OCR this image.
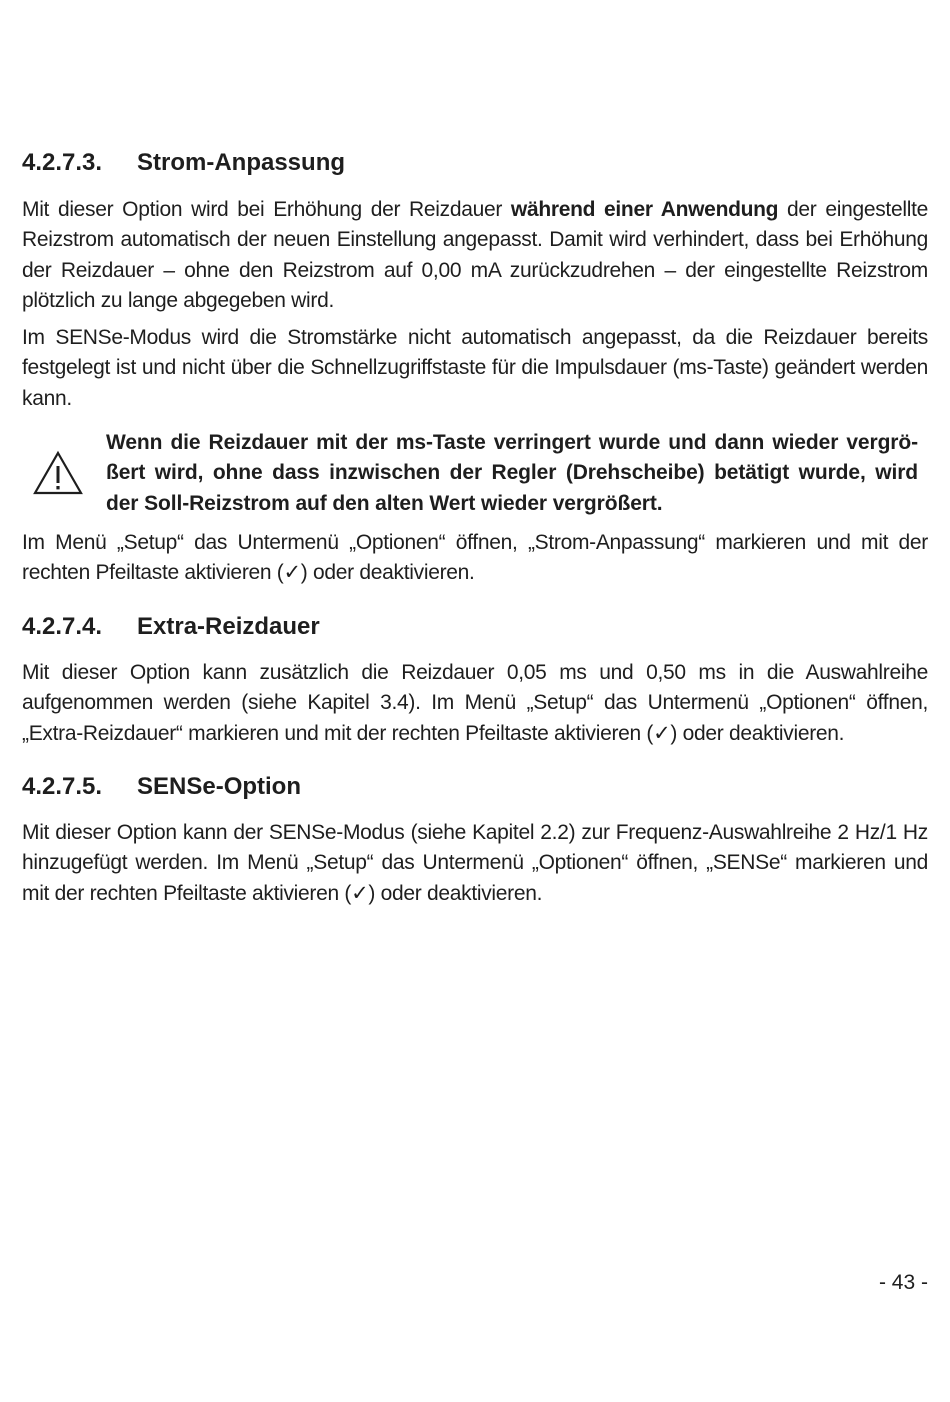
4.2.7.3. Strom-Anpassung

Mit dieser Option wird bei Erhöhung der Reizdauer während einer Anwendung der eingestellte Reizstrom automatisch der neuen Einstellung angepasst. Damit wird verhindert, dass bei Erhöhung der Reizdauer – ohne den Reizstrom auf 0,00 mA zurückzudrehen – der eingestellte Reizstrom plötzlich zu lange abgegeben wird.

Im SENSe-Modus wird die Stromstärke nicht automatisch angepasst, da die Reizdauer bereits festgelegt ist und nicht über die Schnellzugriffstaste für die Impulsdauer (ms-Taste) geändert werden kann.

Wenn die Reizdauer mit der ms-Taste verringert wurde und dann wieder vergrö-ßert wird, ohne dass inzwischen der Regler (Drehscheibe) betätigt wurde, wird der Soll-Reizstrom auf den alten Wert wieder vergrößert.

Im Menü „Setup“ das Untermenü „Optionen“ öffnen, „Strom-Anpassung“ markieren und mit der rechten Pfeiltaste aktivieren (✓) oder deaktivieren.

4.2.7.4. Extra-Reizdauer

Mit dieser Option kann zusätzlich die Reizdauer 0,05 ms und 0,50 ms in die Auswahlreihe aufgenommen werden (siehe Kapitel 3.4). Im Menü „Setup“ das Untermenü „Optionen“ öffnen, „Extra-Reizdauer“ markieren und mit der rechten Pfeiltaste aktivieren (✓) oder deaktivieren.

4.2.7.5. SENSe-Option

Mit dieser Option kann der SENSe-Modus (siehe Kapitel 2.2) zur Frequenz-Auswahlreihe 2 Hz/1 Hz hinzugefügt werden. Im Menü „Setup“ das Untermenü „Optionen“ öffnen, „SENSe“ markieren und mit der rechten Pfeiltaste aktivieren (✓) oder deaktivieren.

- 43 -
